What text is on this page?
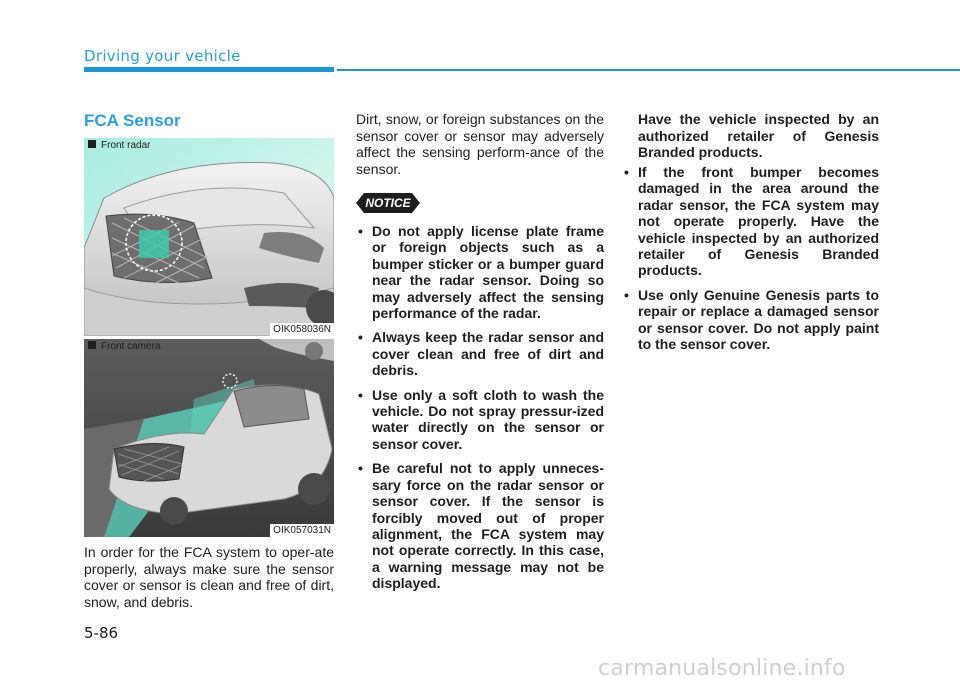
Driving your vehicle
FCA Sensor
Front radar
OIK058036N
Front camera
OIK057031N
In order for the FCA system to oper-ate properly, always make sure the sensor cover or sensor is clean and free of dirt, snow, and debris.
Dirt, snow, or foreign substances on the sensor cover or sensor may adversely affect the sensing perform-ance of the sensor.
NOTICE
• Do not apply license plate frame or foreign objects such as a bumper sticker or a bumper guard near the radar sensor. Doing so may adversely affect the sensing performance of the radar.
• Always keep the radar sensor and cover clean and free of dirt and debris.
• Use only a soft cloth to wash the vehicle. Do not spray pressur-ized water directly on the sensor or sensor cover.
• Be careful not to apply unneces-sary force on the radar sensor or sensor cover. If the sensor is forcibly moved out of proper alignment, the FCA system may not operate correctly. In this case, a warning message may not be displayed.
Have the vehicle inspected by an authorized retailer of Genesis Branded products.
• If the front bumper becomes damaged in the area around the radar sensor, the FCA system may not operate properly. Have the vehicle inspected by an authorized retailer of Genesis Branded products.
• Use only Genuine Genesis parts to repair or replace a damaged sensor or sensor cover. Do not apply paint to the sensor cover.
5-86
carmanualsonline.info
